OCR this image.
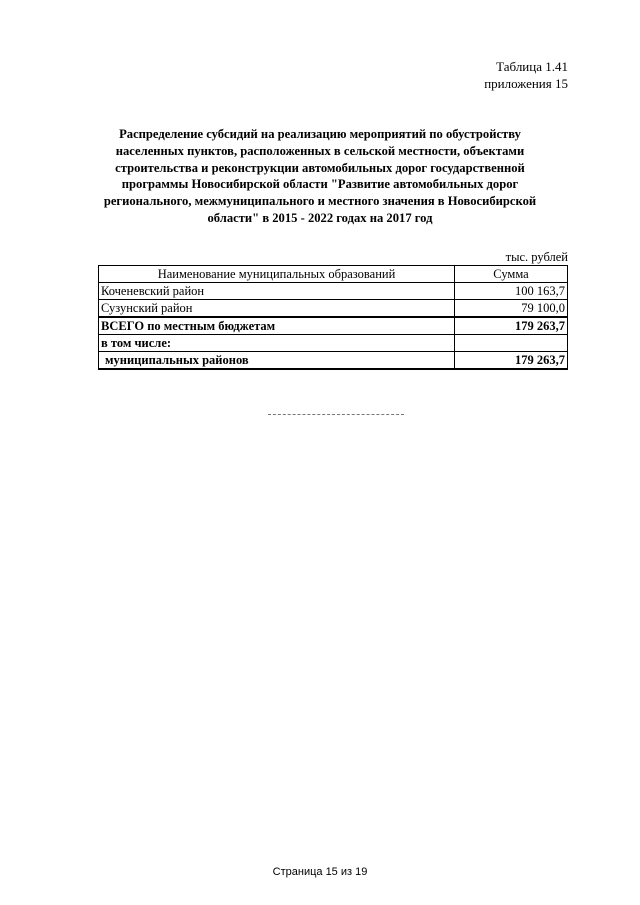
Таблица 1.41
приложения 15
Распределение субсидий на реализацию мероприятий по обустройству населенных пунктов, расположенных в сельской местности, объектами строительства и реконструкции автомобильных дорог государственной программы Новосибирской области "Развитие автомобильных дорог регионального, межмуниципального и местного значения в Новосибирской области" в 2015 - 2022 годах на 2017 год
тыс. рублей
Наименование муниципальных образований	Сумма
Коченевский район	100 163,7
Сузунский район	79 100,0
ВСЕГО по местным бюджетам	179 263,7
в том числе:	
муниципальных районов	179 263,7
Страница 15 из 19
